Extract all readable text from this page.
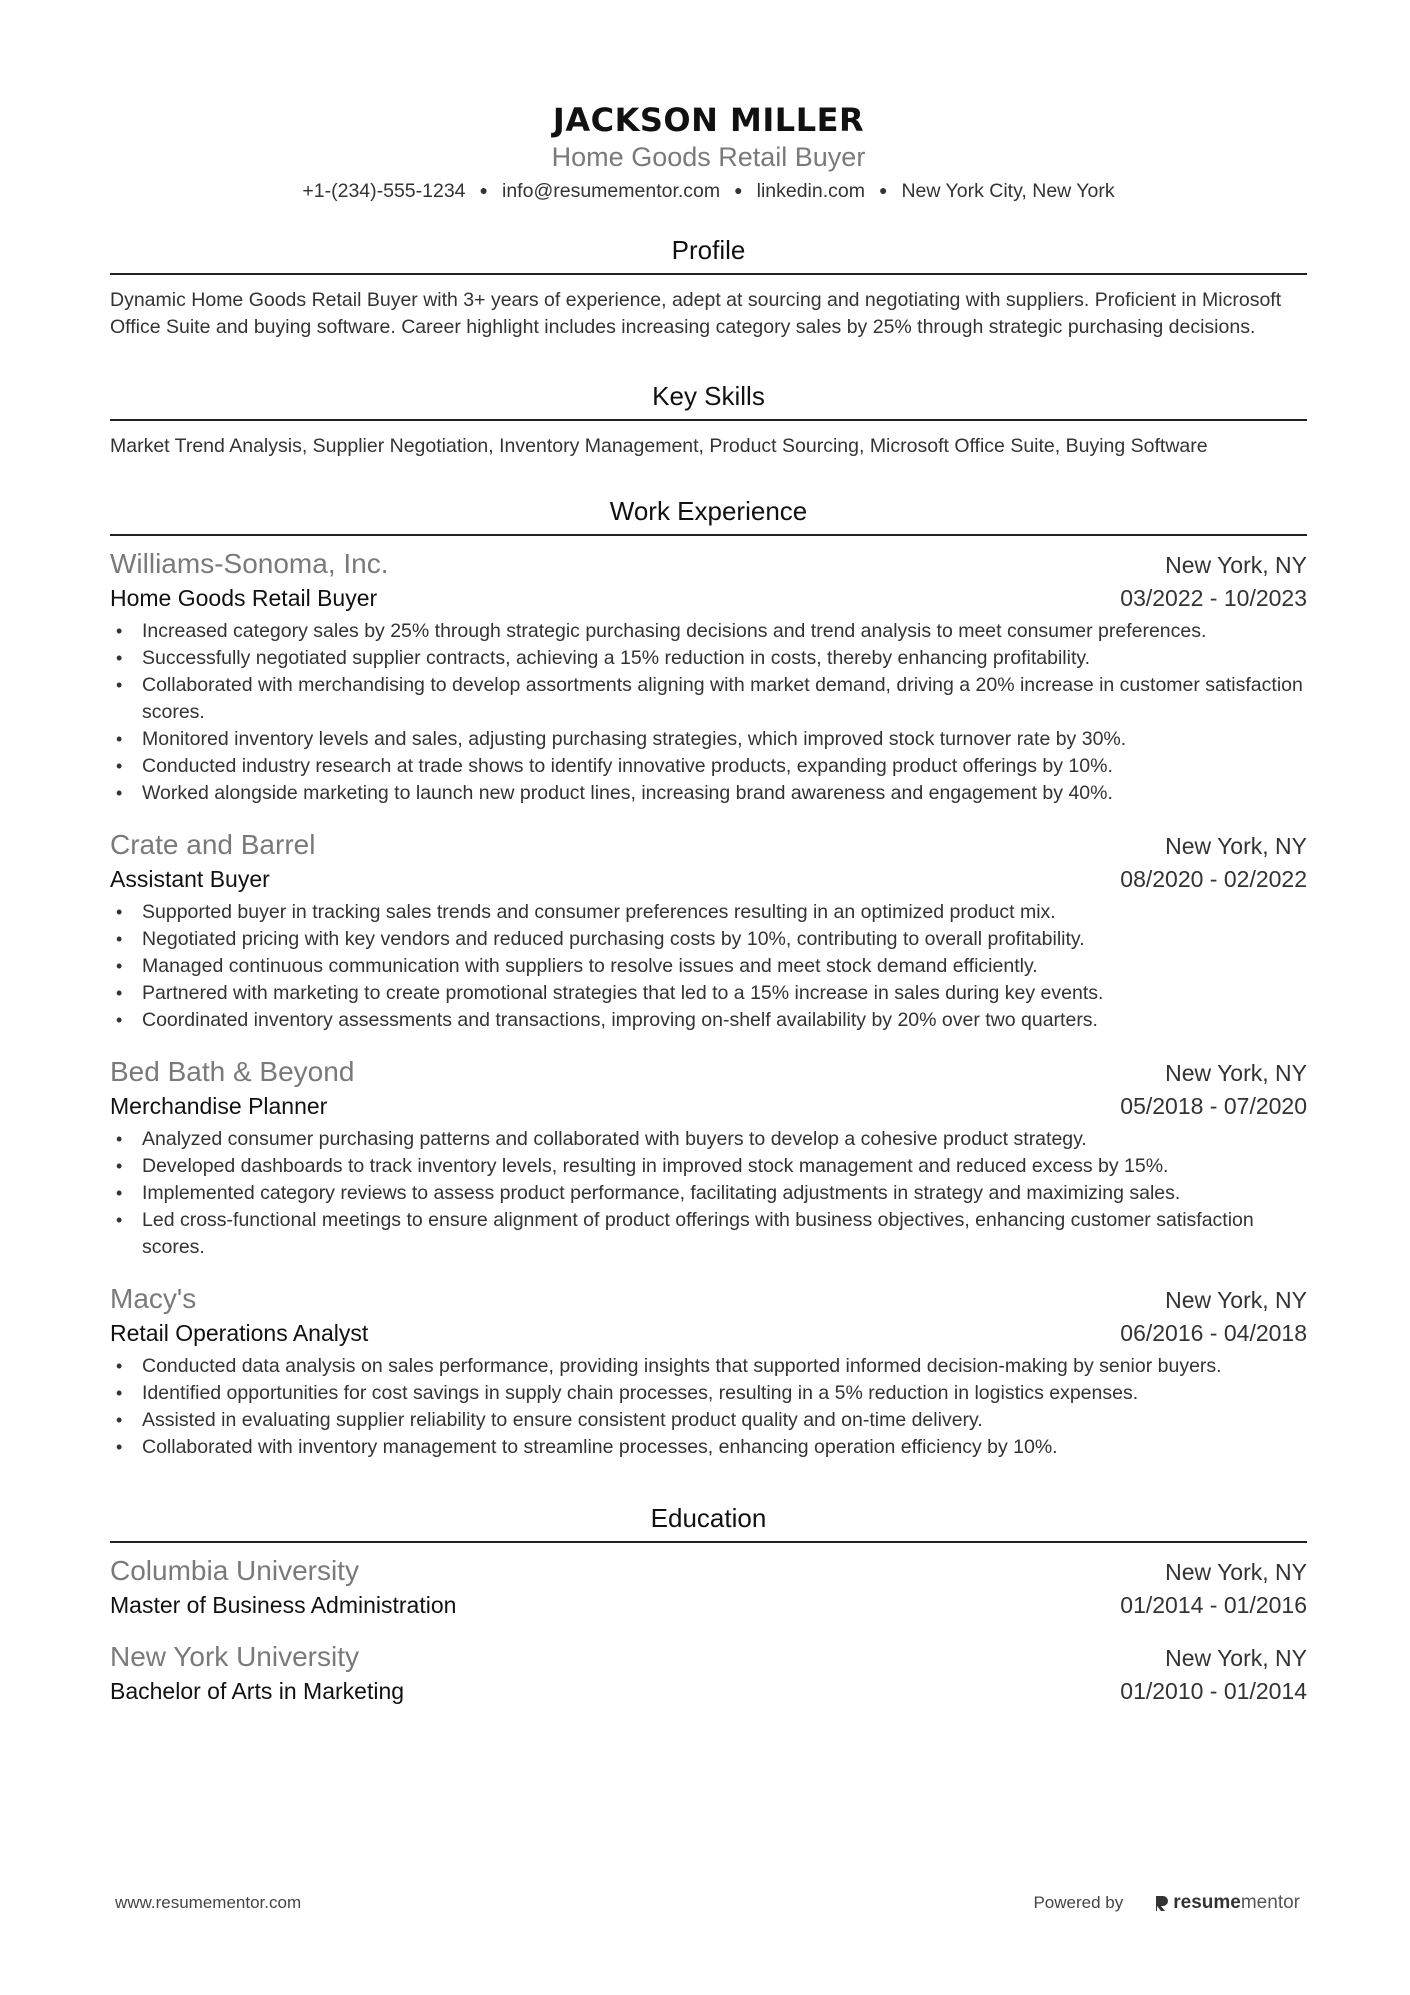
JACKSON MILLER
Home Goods Retail Buyer
+1-(234)-555-1234 ● info@resumementor.com ● linkedin.com ● New York City, New York
Profile
Dynamic Home Goods Retail Buyer with 3+ years of experience, adept at sourcing and negotiating with suppliers. Proficient in Microsoft Office Suite and buying software. Career highlight includes increasing category sales by 25% through strategic purchasing decisions.
Key Skills
Market Trend Analysis, Supplier Negotiation, Inventory Management, Product Sourcing, Microsoft Office Suite, Buying Software
Work Experience
Williams-Sonoma, Inc.	New York, NY
Home Goods Retail Buyer	03/2022 - 10/2023
• Increased category sales by 25% through strategic purchasing decisions and trend analysis to meet consumer preferences.
• Successfully negotiated supplier contracts, achieving a 15% reduction in costs, thereby enhancing profitability.
• Collaborated with merchandising to develop assortments aligning with market demand, driving a 20% increase in customer satisfaction scores.
• Monitored inventory levels and sales, adjusting purchasing strategies, which improved stock turnover rate by 30%.
• Conducted industry research at trade shows to identify innovative products, expanding product offerings by 10%.
• Worked alongside marketing to launch new product lines, increasing brand awareness and engagement by 40%.
Crate and Barrel	New York, NY
Assistant Buyer	08/2020 - 02/2022
• Supported buyer in tracking sales trends and consumer preferences resulting in an optimized product mix.
• Negotiated pricing with key vendors and reduced purchasing costs by 10%, contributing to overall profitability.
• Managed continuous communication with suppliers to resolve issues and meet stock demand efficiently.
• Partnered with marketing to create promotional strategies that led to a 15% increase in sales during key events.
• Coordinated inventory assessments and transactions, improving on-shelf availability by 20% over two quarters.
Bed Bath & Beyond	New York, NY
Merchandise Planner	05/2018 - 07/2020
• Analyzed consumer purchasing patterns and collaborated with buyers to develop a cohesive product strategy.
• Developed dashboards to track inventory levels, resulting in improved stock management and reduced excess by 15%.
• Implemented category reviews to assess product performance, facilitating adjustments in strategy and maximizing sales.
• Led cross-functional meetings to ensure alignment of product offerings with business objectives, enhancing customer satisfaction scores.
Macy's	New York, NY
Retail Operations Analyst	06/2016 - 04/2018
• Conducted data analysis on sales performance, providing insights that supported informed decision-making by senior buyers.
• Identified opportunities for cost savings in supply chain processes, resulting in a 5% reduction in logistics expenses.
• Assisted in evaluating supplier reliability to ensure consistent product quality and on-time delivery.
• Collaborated with inventory management to streamline processes, enhancing operation efficiency by 10%.
Education
Columbia University	New York, NY
Master of Business Administration	01/2014 - 01/2016
New York University	New York, NY
Bachelor of Arts in Marketing	01/2010 - 01/2014
www.resumementor.com	Powered by	resume mentor
